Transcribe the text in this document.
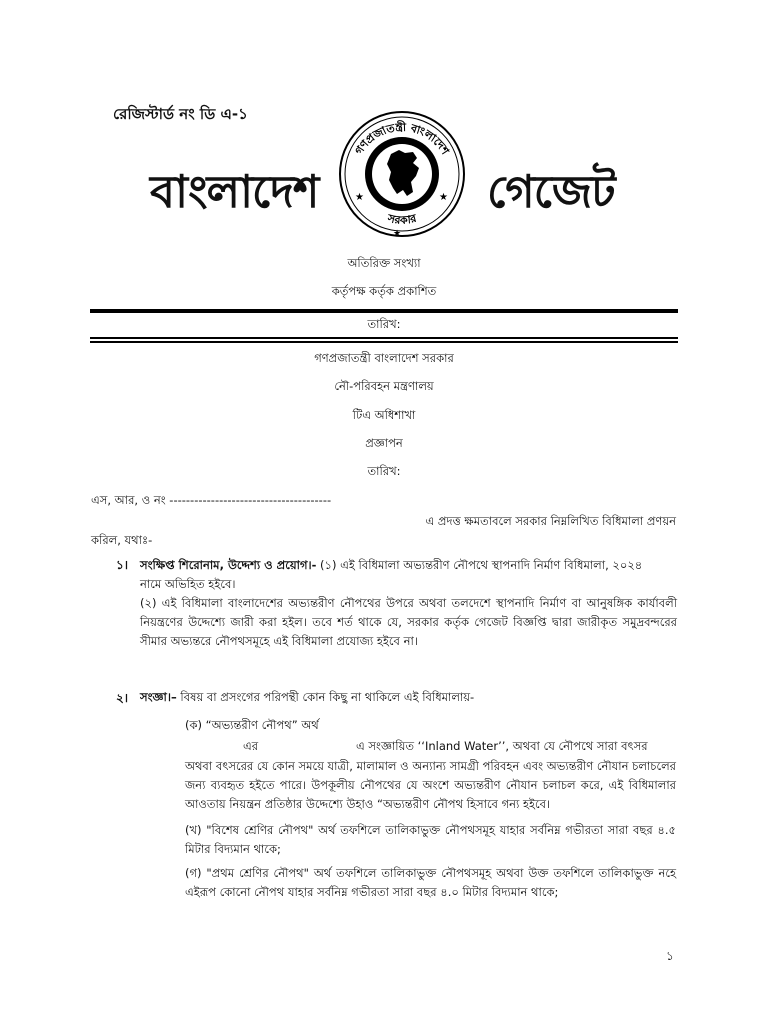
রেজিস্টার্ড নং ডি এ-১
বাংলাদেশ	গেজেট
★	★
★
গণপ্রজাতন্ত্রী বাংলাদেশ
সরকার
অতিরিক্ত সংখ্যা
কর্তৃপক্ষ কর্তৃক প্রকাশিত
তারিখ:
গণপ্রজাতন্ত্রী বাংলাদেশ সরকার
নৌ-পরিবহন মন্ত্রণালয়
টিএ অধিশাখা
প্রজ্ঞাপন
তারিখ:
এস, আর, ও নং ---------------------------------------
এ প্রদত্ত ক্ষমতাবলে সরকার নিম্নলিখিত বিধিমালা প্রণয়ন
করিল, যথাঃ-
১। সংক্ষিপ্ত শিরোনাম, উদ্দেশ্য ও প্রয়োগ।- (১) এই বিধিমালা অভ্যন্তরীণ নৌপথে স্থাপনাদি নির্মাণ বিধিমালা, ২০২৪
নামে অভিহিত হইবে।
(২) এই বিধিমালা বাংলাদেশের অভ্যন্তরীণ নৌপথের উপরে অথবা তলদেশে স্থাপনাদি নির্মাণ বা আনুষঙ্গিক কার্যাবলী নিয়ন্ত্রণের উদ্দেশ্যে জারী করা হইল। তবে শর্ত থাকে যে, সরকার কর্তৃক গেজেট বিজ্ঞপ্তি দ্বারা জারীকৃত সমুদ্রবন্দরের সীমার অভ্যন্তরে নৌপথসমূহে এই বিধিমালা প্রযোজ্য হইবে না।
২। সংজ্ঞা।– বিষয় বা প্রসংগের পরিপন্থী কোন কিছু না থাকিলে এই বিধিমালায়-
(ক) “অভ্যন্তরীণ নৌপথ” অর্থ
এর	এ সংজ্ঞায়িত ‘‘Inland Water’’, অথবা যে নৌপথে সারা বৎসর
অথবা বৎসরের যে কোন সময়ে যাত্রী, মালামাল ও অন্যান্য সামগ্রী পরিবহন এবং অভ্যন্তরীণ নৌযান চলাচলের জন্য ব্যবহৃত হইতে পারে। উপকূলীয় নৌপথের যে অংশে অভ্যন্তরীণ নৌযান চলাচল করে, এই বিধিমালার আওতায় নিয়ন্ত্রন প্রতিষ্ঠার উদ্দেশ্যে উহাও “অভ্যন্তরীণ নৌপথ হিসাবে গন্য হইবে।
(খ) "বিশেষ শ্রেণির নৌপথ" অর্থ তফশিলে তালিকাভুক্ত নৌপথসমূহ যাহার সর্বনিম্ন গভীরতা সারা বছর ৪.৫ মিটার বিদ্যমান থাকে;
(গ) "প্রথম শ্রেণির নৌপথ" অর্থ তফশিলে তালিকাভুক্ত নৌপথসমূহ অথবা উক্ত তফশিলে তালিকাভুক্ত নহে এইরূপ কোনো নৌপথ যাহার সর্বনিম্ন গভীরতা সারা বছর ৪.০ মিটার বিদ্যমান থাকে;
১
